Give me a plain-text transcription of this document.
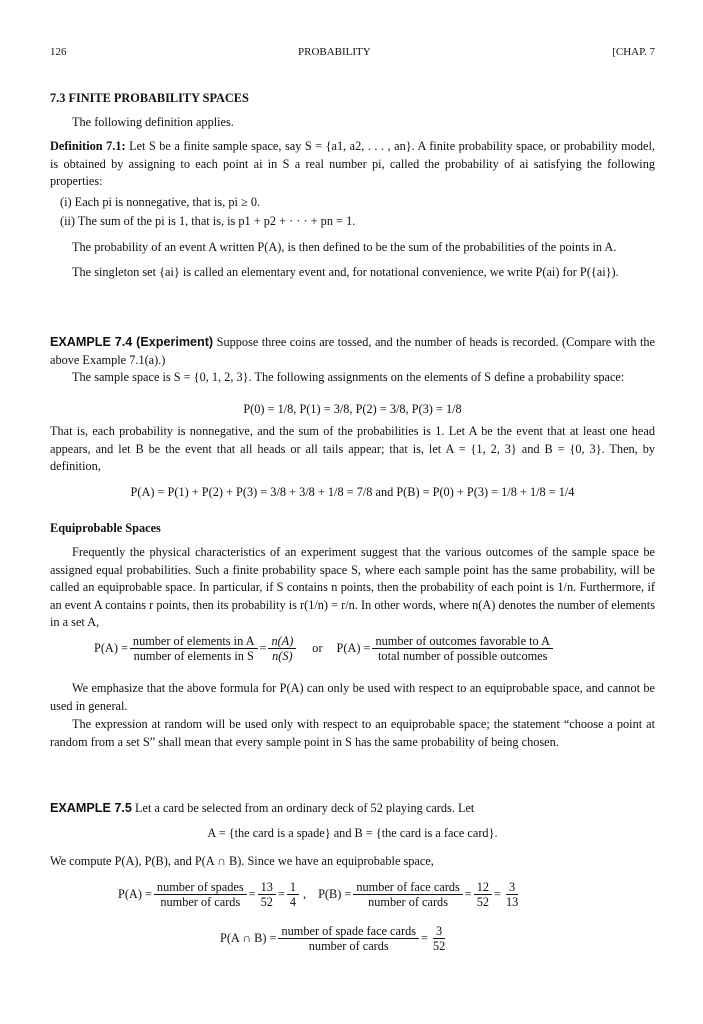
126	PROBABILITY	[CHAP. 7
7.3 FINITE PROBABILITY SPACES

The following definition applies.

Definition 7.1: Let S be a finite sample space, say S = {a1, a2, . . . , an}. A finite probability space, or probability model, is obtained by assigning to each point ai in S a real number pi, called the probability of ai satisfying the following properties:

(i) Each pi is nonnegative, that is, pi ≥ 0.

(ii) The sum of the pi is 1, that is, is p1 + p2 + · · · + pn = 1.

The probability of an event A written P(A), is then defined to be the sum of the probabilities of the points in A.

The singleton set {ai} is called an elementary event and, for notational convenience, we write P(ai) for P({ai}).

EXAMPLE 7.4 (Experiment) Suppose three coins are tossed, and the number of heads is recorded. (Compare with the above Example 7.1(a).)

The sample space is S = {0, 1, 2, 3}. The following assignments on the elements of S define a probability space:

P(0) = 1/8, P(1) = 3/8, P(2) = 3/8, P(3) = 1/8

That is, each probability is nonnegative, and the sum of the probabilities is 1. Let A be the event that at least one head appears, and let B be the event that all heads or all tails appear; that is, let A = {1, 2, 3} and B = {0, 3}. Then, by definition,

P(A) = P(1) + P(2) + P(3) = 3/8 + 3/8 + 1/8 = 7/8 and P(B) = P(0) + P(3) = 1/8 + 1/8 = 1/4
Equiprobable Spaces

Frequently the physical characteristics of an experiment suggest that the various outcomes of the sample space be assigned equal probabilities. Such a finite probability space S, where each sample point has the same probability, will be called an equiprobable space. In particular, if S contains n points, then the probability of each point is 1/n. Furthermore, if an event A contains r points, then its probability is r(1/n) = r/n. In other words, where n(A) denotes the number of elements in a set A,

$P(A) = \frac{\text{number of elements in A}}{\text{number of elements in S}} = \frac{n(A)}{n(S)}$ or $P(A) = \frac{\text{number of outcomes favorable to A}}{\text{total number of possible outcomes}}$

We emphasize that the above formula for P(A) can only be used with respect to an equiprobable space, and cannot be used in general.

The expression at random will be used only with respect to an equiprobable space; the statement “choose a point at random from a set S” shall mean that every sample point in S has the same probability of being chosen.

EXAMPLE 7.5 Let a card be selected from an ordinary deck of 52 playing cards. Let

A = {the card is a spade} and B = {the card is a face card}.

We compute P(A), P(B), and P(A ∩ B). Since we have an equiprobable space,

$P(A) = \frac{\text{number of spades}}{\text{number of cards}} = \frac{13}{52} = \frac{1}{4}$ , $P(B) = \frac{\text{number of face cards}}{\text{number of cards}} = \frac{12}{52} = \frac{3}{13}$
P(A ∩ $B) = \frac{\text{number of spade face cards}}{\text{number of cards}} = \frac{3}{52}$
